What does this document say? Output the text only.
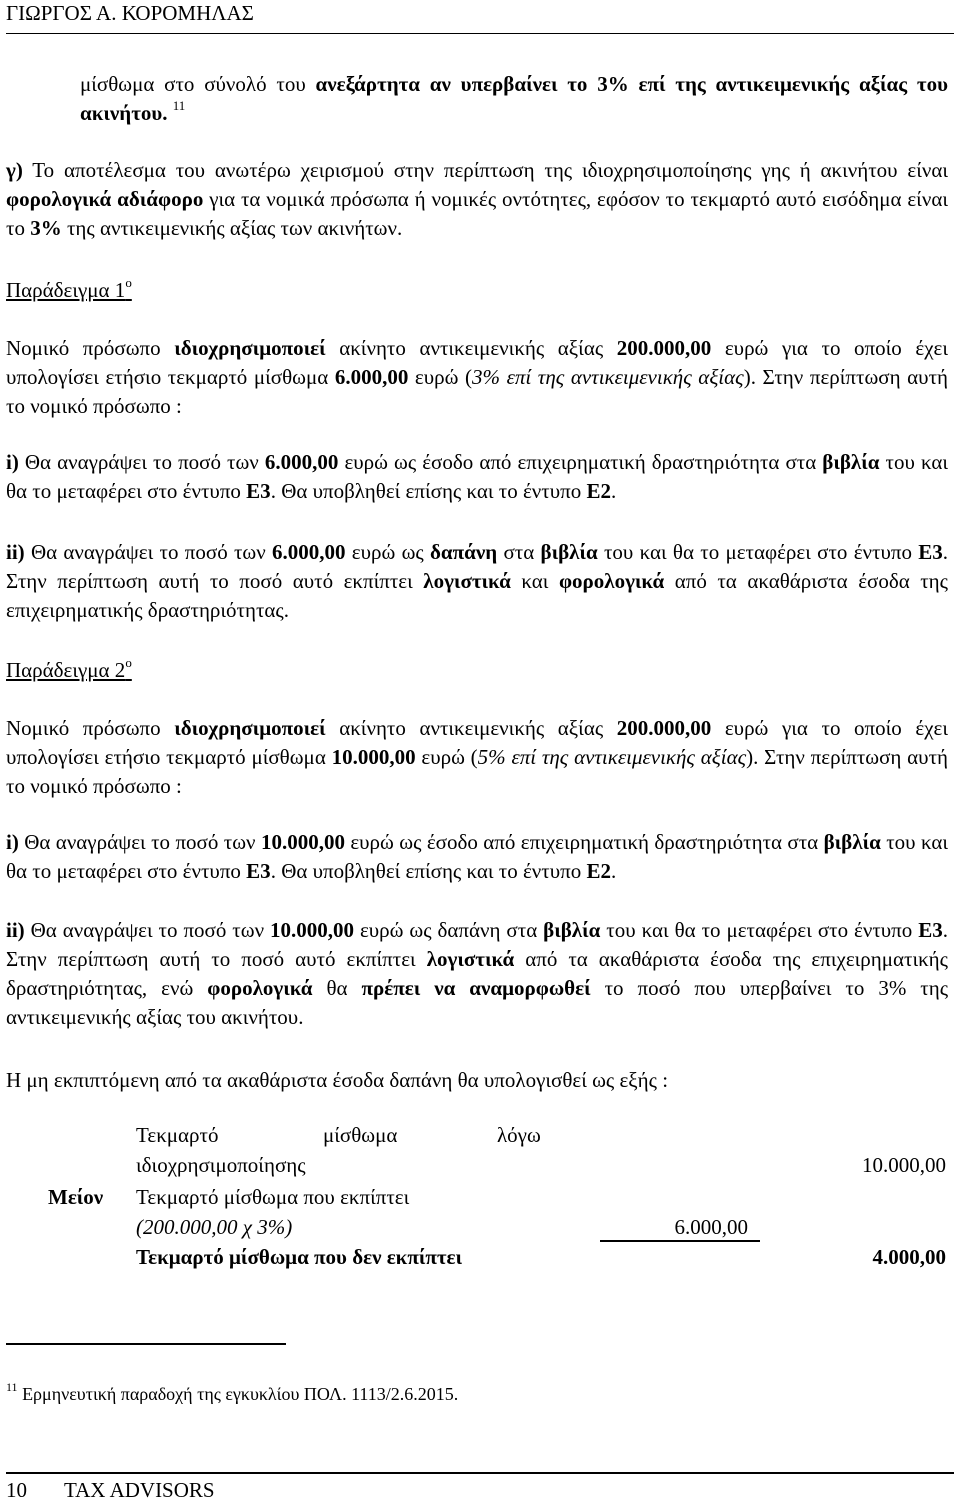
ΓΙΩΡΓΟΣ Α. ΚΟΡΟΜΗΛΑΣ

μίσθωμα στο σύνολό του ανεξάρτητα αν υπερβαίνει το 3% επί της αντικειμενικής αξίας του ακινήτου. $^{11}$

γ) Το αποτέλεσμα του ανωτέρω χειρισμού στην περίπτωση της ιδιοχρησιμοποίησης γης ή ακινήτου είναι φορολογικά αδιάφορο για τα νομικά πρόσωπα ή νομικές οντότητες, εφόσον το τεκμαρτό αυτό εισόδημα είναι το 3% της αντικειμενικής αξίας των ακινήτων.

Παράδειγμα $1^o$

Νομικό πρόσωπο ιδιοχρησιμοποιεί ακίνητο αντικειμενικής αξίας 200.000,00 ευρώ για το οποίο έχει υπολογίσει ετήσιο τεκμαρτό μίσθωμα 6.000,00 ευρώ (3% επί της αντικειμενικής αξίας). Στην περίπτωση αυτή το νομικό πρόσωπο :

i) Θα αναγράψει το ποσό των 6.000,00 ευρώ ως έσοδο από επιχειρηματική δραστηριότητα στα βιβλία του και θα το μεταφέρει στο έντυπο Ε3. Θα υποβληθεί επίσης και το έντυπο Ε2.

ii) Θα αναγράψει το ποσό των 6.000,00 ευρώ ως δαπάνη στα βιβλία του και θα το μεταφέρει στο έντυπο Ε3. Στην περίπτωση αυτή το ποσό αυτό εκπίπτει λογιστικά και φορολογικά από τα ακαθάριστα έσοδα της επιχειρηματικής δραστηριότητας.

Παράδειγμα $2^o$

Νομικό πρόσωπο ιδιοχρησιμοποιεί ακίνητο αντικειμενικής αξίας 200.000,00 ευρώ για το οποίο έχει υπολογίσει ετήσιο τεκμαρτό μίσθωμα 10.000,00 ευρώ (5% επί της αντικειμενικής αξίας). Στην περίπτωση αυτή το νομικό πρόσωπο :

i) Θα αναγράψει το ποσό των 10.000,00 ευρώ ως έσοδο από επιχειρηματική δραστηριότητα στα βιβλία του και θα το μεταφέρει στο έντυπο Ε3. Θα υποβληθεί επίσης και το έντυπο Ε2.

ii) Θα αναγράψει το ποσό των 10.000,00 ευρώ ως δαπάνη στα βιβλία του και θα το μεταφέρει στο έντυπο Ε3. Στην περίπτωση αυτή το ποσό αυτό εκπίπτει λογιστικά από τα ακαθάριστα έσοδα της επιχειρηματικής δραστηριότητας, ενώ φορολογικά θα πρέπει να αναμορφωθεί το ποσό που υπερβαίνει το 3% της αντικειμενικής αξίας του ακινήτου.

Η μη εκπιπτόμενη από τα ακαθάριστα έσοδα δαπάνη θα υπολογισθεί ως εξής :

Τεκμαρτό	μίσθωμα	λόγω
ιδιοχρησιμοποίησης	10.000,00
Μείον Τεκμαρτό μίσθωμα που εκπίπτει
(200.000,00 χ 3%)	6.000,00
Τεκμαρτό μίσθωμα που δεν εκπίπτει	4.000,00
$^{11}$ Ερμηνευτική παραδοχή της εγκυκλίου ΠΟΛ. 1113/2.6.2015.
10 TAX ADVISORS
